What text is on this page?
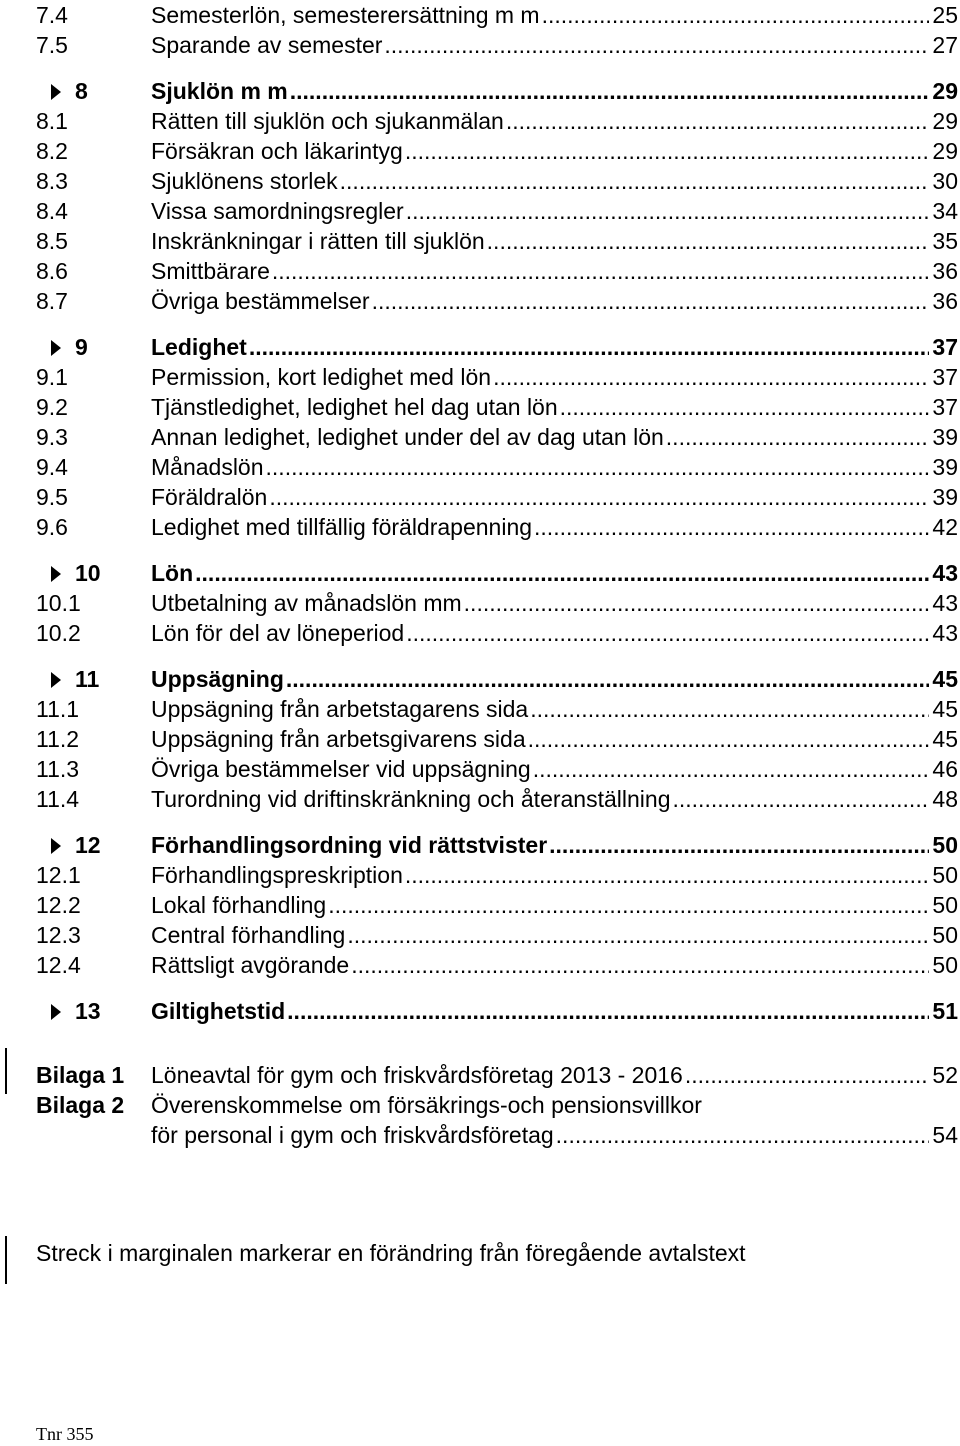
7.4	Semesterlön, semesterersättning m m .....	25
7.5	Sparande av semester .....	27
8	Sjuklön m m .....	29
8.1	Rätten till sjuklön och sjukanmälan .....	29
8.2	Försäkran och läkarintyg .....	29
8.3	Sjuklönens storlek .....	30
8.4	Vissa samordningsregler .....	34
8.5	Inskränkningar i rätten till sjuklön .....	35
8.6	Smittbärare .....	36
8.7	Övriga bestämmelser .....	36
9	Ledighet .....	37
9.1	Permission, kort ledighet med lön .....	37
9.2	Tjänstledighet, ledighet hel dag utan lön .....	37
9.3	Annan ledighet, ledighet under del av dag utan lön .....	39
9.4	Månadslön .....	39
9.5	Föräldralön .....	39
9.6	Ledighet med tillfällig föräldrapenning .....	42
10 Lön .....	43
10.1	Utbetalning av månadslön mm .....	43
10.2	Lön för del av löneperiod .....	43
11 Uppsägning .....	45
11.1	Uppsägning från arbetstagarens sida .....	45
11.2	Uppsägning från arbetsgivarens sida .....	45
11.3	Övriga bestämmelser vid uppsägning .....	46
11.4	Turordning vid driftinskränkning och återanställning .....	48
12 Förhandlingsordning vid rättstvister .....	50
12.1	Förhandlingspreskription .....	50
12.2	Lokal förhandling .....	50
12.3	Central förhandling .....	50
12.4	Rättsligt avgörande .....	50
13 Giltighetstid .....	51
Bilaga 1 Löneavtal för gym och friskvårdsföretag 2013 - 2016 .....	52
Bilaga 2 Överenskommelse om försäkrings-och pensionsvillkor
för personal i gym och friskvårdsföretag .....	54
Streck i marginalen markerar en förändring från föregående avtalstext
Tnr 355
